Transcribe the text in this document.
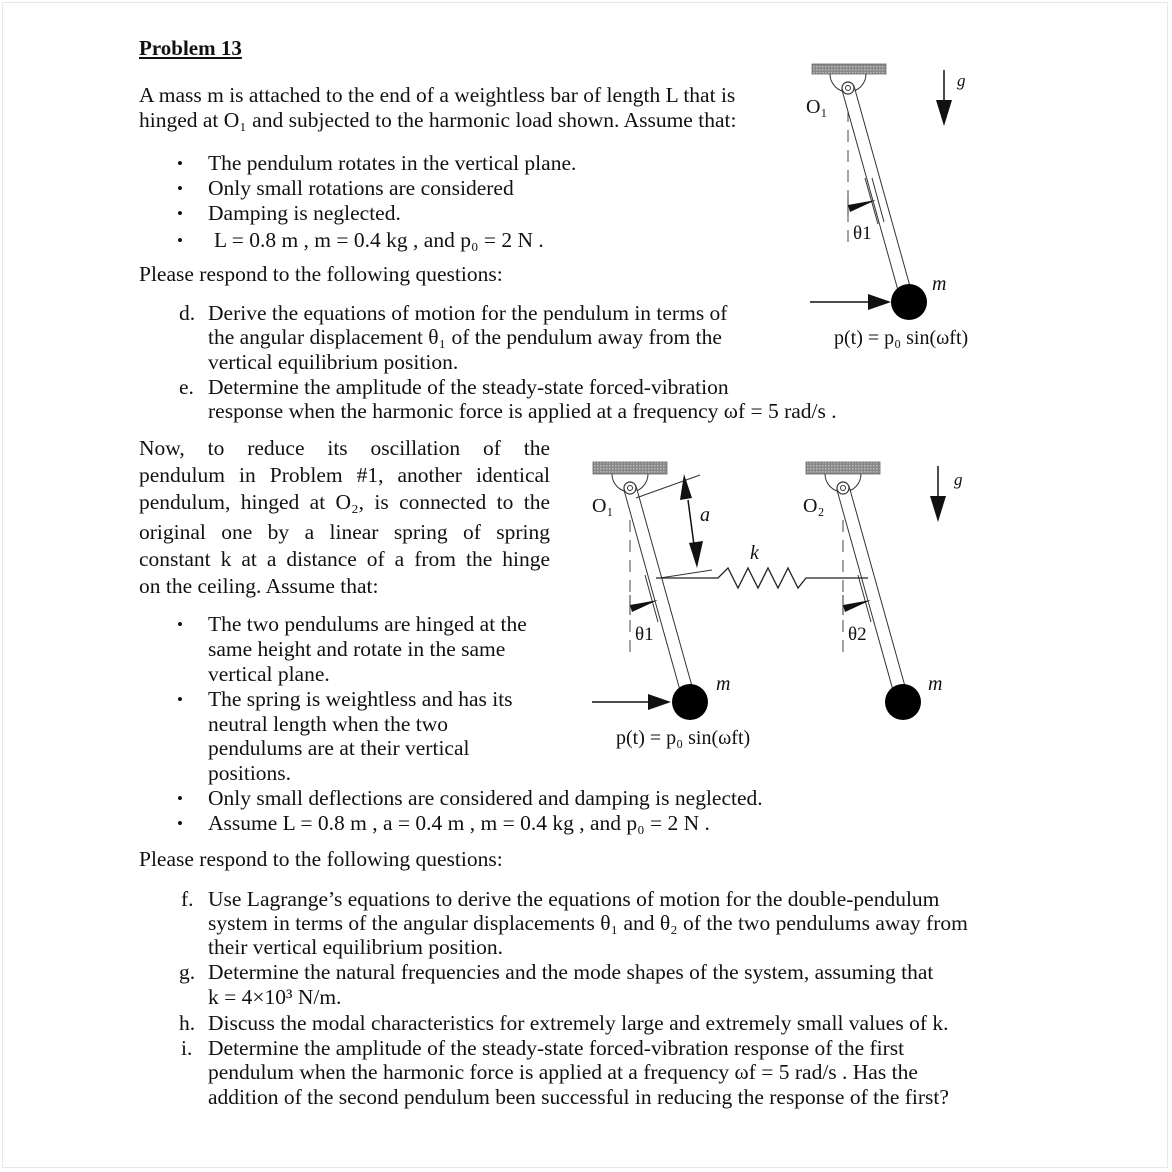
Problem 13
A mass m is attached to the end of a weightless bar of length L that is
hinged at O₁ and subjected to the harmonic load shown. Assume that:
• The pendulum rotates in the vertical plane.
• Only small rotations are considered
• Damping is neglected.
• L = 0.8 m , m = 0.4 kg , and p₀ = 2 N .
Please respond to the following questions:
d. Derive the equations of motion for the pendulum in terms of
the angular displacement θ₁ of the pendulum away from the
vertical equilibrium position.
e. Determine the amplitude of the steady-state forced-vibration
response when the harmonic force is applied at a frequency ωf = 5 rad/s .
Now, to reduce its oscillation of the
pendulum in Problem #1, another identical
pendulum, hinged at O₂, is connected to the
original one by a linear spring of spring
constant k at a distance of a from the hinge
on the ceiling. Assume that:
• The two pendulums are hinged at the
same height and rotate in the same
vertical plane.
• The spring is weightless and has its
neutral length when the two
pendulums are at their vertical
positions.
• Only small deflections are considered and damping is neglected.
• Assume L = 0.8 m , a = 0.4 m , m = 0.4 kg , and p₀ = 2 N .
Please respond to the following questions:
f. Use Lagrange’s equations to derive the equations of motion for the double-pendulum
system in terms of the angular displacements θ₁ and θ₂ of the two pendulums away from
their vertical equilibrium position.
g. Determine the natural frequencies and the mode shapes of the system, assuming that
k = 4×10³ N/m.
h. Discuss the modal characteristics for extremely large and extremely small values of k.
i. Determine the amplitude of the steady-state forced-vibration response of the first
pendulum when the harmonic force is applied at a frequency ωf = 5 rad/s . Has the
addition of the second pendulum been successful in reducing the response of the first?
O₁
g
θ1
m
p(t) = p₀ sin(ωft)
O₁	O₂
a
k
g
θ1	θ2
m	m
p(t) = p₀ sin(ωft)
